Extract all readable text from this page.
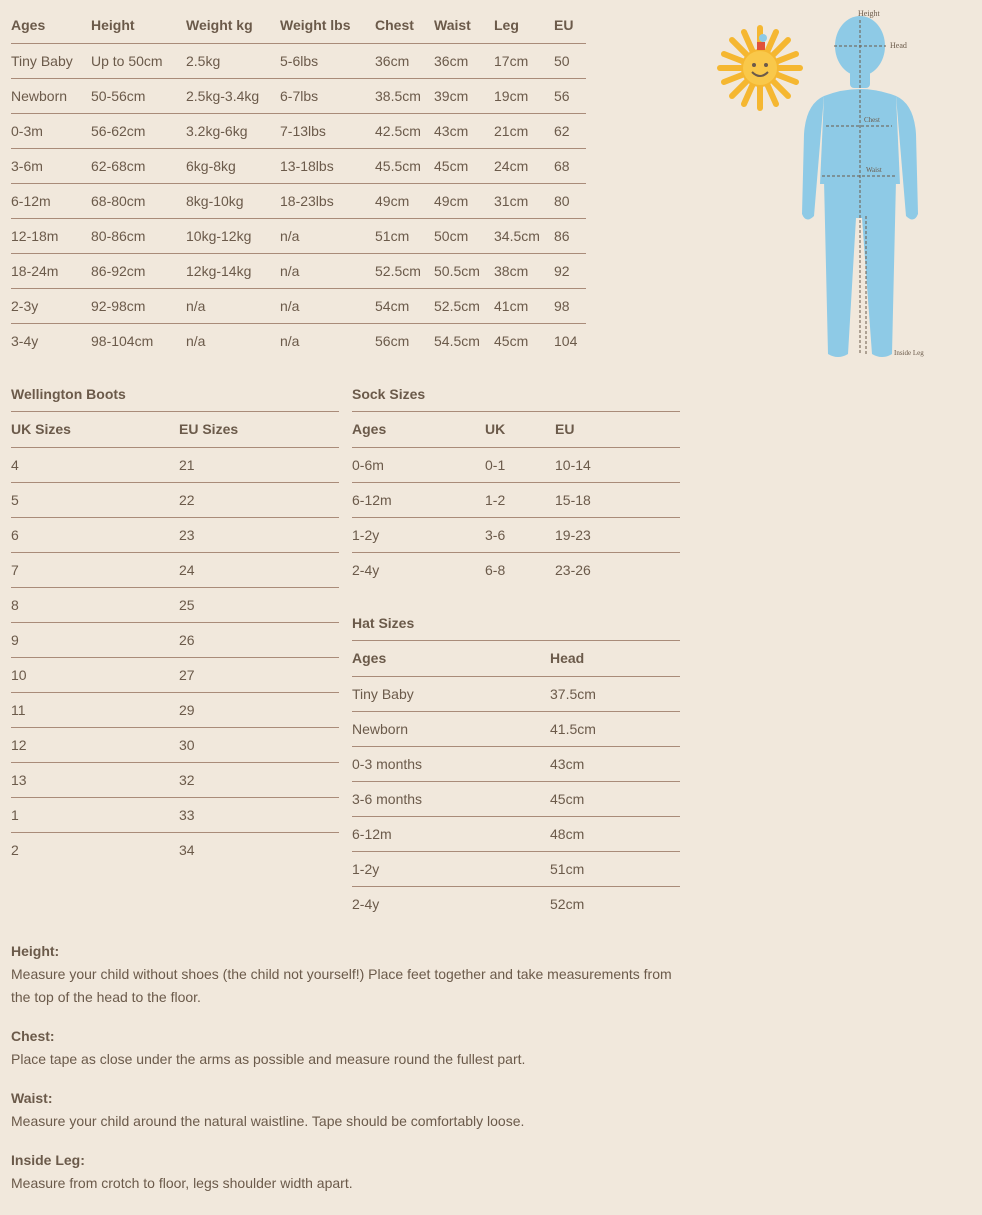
Ages	Height	Weight kg	Weight lbs	Chest	Waist	Leg	EU
Tiny Baby	Up to 50cm	2.5kg	5-6lbs	36cm	36cm	17cm	50
Newborn	50-56cm	2.5kg-3.4kg	6-7lbs	38.5cm	39cm	19cm	56
0-3m	56-62cm	3.2kg-6kg	7-13lbs	42.5cm	43cm	21cm	62
3-6m	62-68cm	6kg-8kg	13-18lbs	45.5cm	45cm	24cm	68
6-12m	68-80cm	8kg-10kg	18-23lbs	49cm	49cm	31cm	80
12-18m	80-86cm	10kg-12kg	n/a	51cm	50cm	34.5cm	86
18-24m	86-92cm	12kg-14kg	n/a	52.5cm	50.5cm	38cm	92
2-3y	92-98cm	n/a	n/a	54cm	52.5cm	41cm	98
3-4y	98-104cm	n/a	n/a	56cm	54.5cm	45cm	104
Height
Head
Chest
Waist
Inside Leg
Wellington Boots
UK Sizes	EU Sizes
4	21
5	22
6	23
7	24
8	25
9	26
10	27
11	29
12	30
13	32
1	33
2	34
Sock Sizes
Ages	UK	EU
0-6m	0-1	10-14
6-12m	1-2	15-18
1-2y	3-6	19-23
2-4y	6-8	23-26
Hat Sizes
Ages	Head
Tiny Baby	37.5cm
Newborn	41.5cm
0-3 months	43cm
3-6 months	45cm
6-12m	48cm
1-2y	51cm
2-4y	52cm
Height:
Measure your child without shoes (the child not yourself!) Place feet together and take measurements from the top of the head to the floor.
Chest:
Place tape as close under the arms as possible and measure round the fullest part.
Waist:
Measure your child around the natural waistline. Tape should be comfortably loose.
Inside Leg:
Measure from crotch to floor, legs shoulder width apart.
